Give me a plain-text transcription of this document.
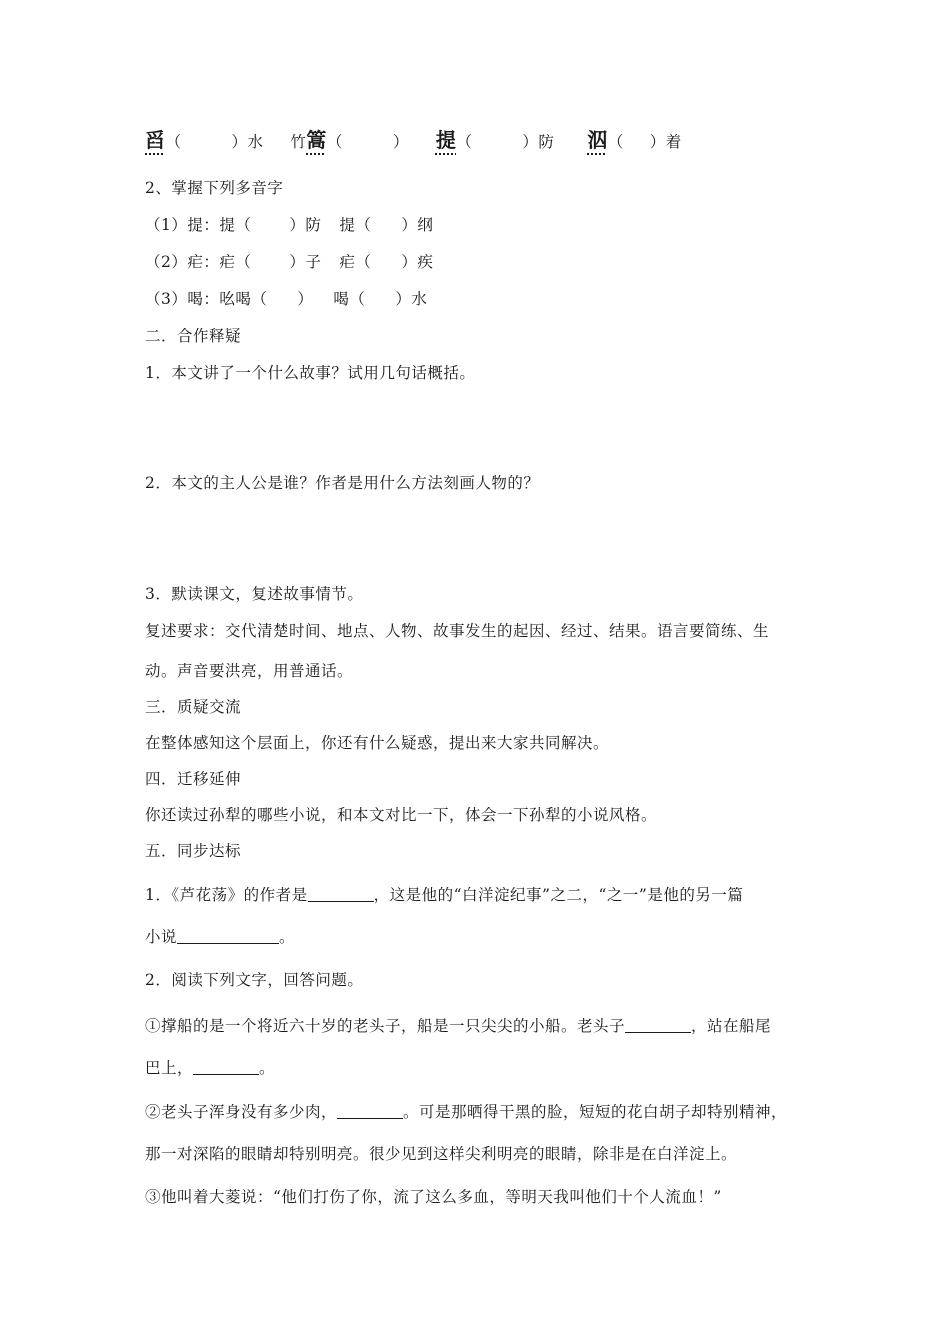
舀（	）水 竹篙（	） 提（	）防 泅（ ）着
2、掌握下列多音字
（1）提：提（ ）防 提（ ）纲
（2）疟：疟（ ）子 疟（ ）疾
（3）喝：吆喝（ ） 喝（ ）水
二．合作释疑
1．本文讲了一个什么故事？试用几句话概括。
2．本文的主人公是谁？作者是用什么方法刻画人物的？
3．默读课文，复述故事情节。
复述要求：交代清楚时间、地点、人物、故事发生的起因、经过、结果。语言要简练、生
动。声音要洪亮，用普通话。
三．质疑交流
在整体感知这个层面上，你还有什么疑惑，提出来大家共同解决。
四．迁移延伸
你还读过孙犁的哪些小说，和本文对比一下，体会一下孙犁的小说风格。
五．同步达标
1．《芦花荡》的作者是	，这是他的“白洋淀纪事”之二，“之一”是他的另一篇
小说	。
2．阅读下列文字，回答问题。
①撑船的是一个将近六十岁的老头子，船是一只尖尖的小船。老头子	，站在船尾
巴上，	。
②老头子浑身没有多少肉，	。可是那晒得干黑的脸，短短的花白胡子却特别精神，
那一对深陷的眼睛却特别明亮。很少见到这样尖利明亮的眼睛，除非是在白洋淀上。
③他叫着大菱说：“他们打伤了你，流了这么多血，等明天我叫他们十个人流血！”
